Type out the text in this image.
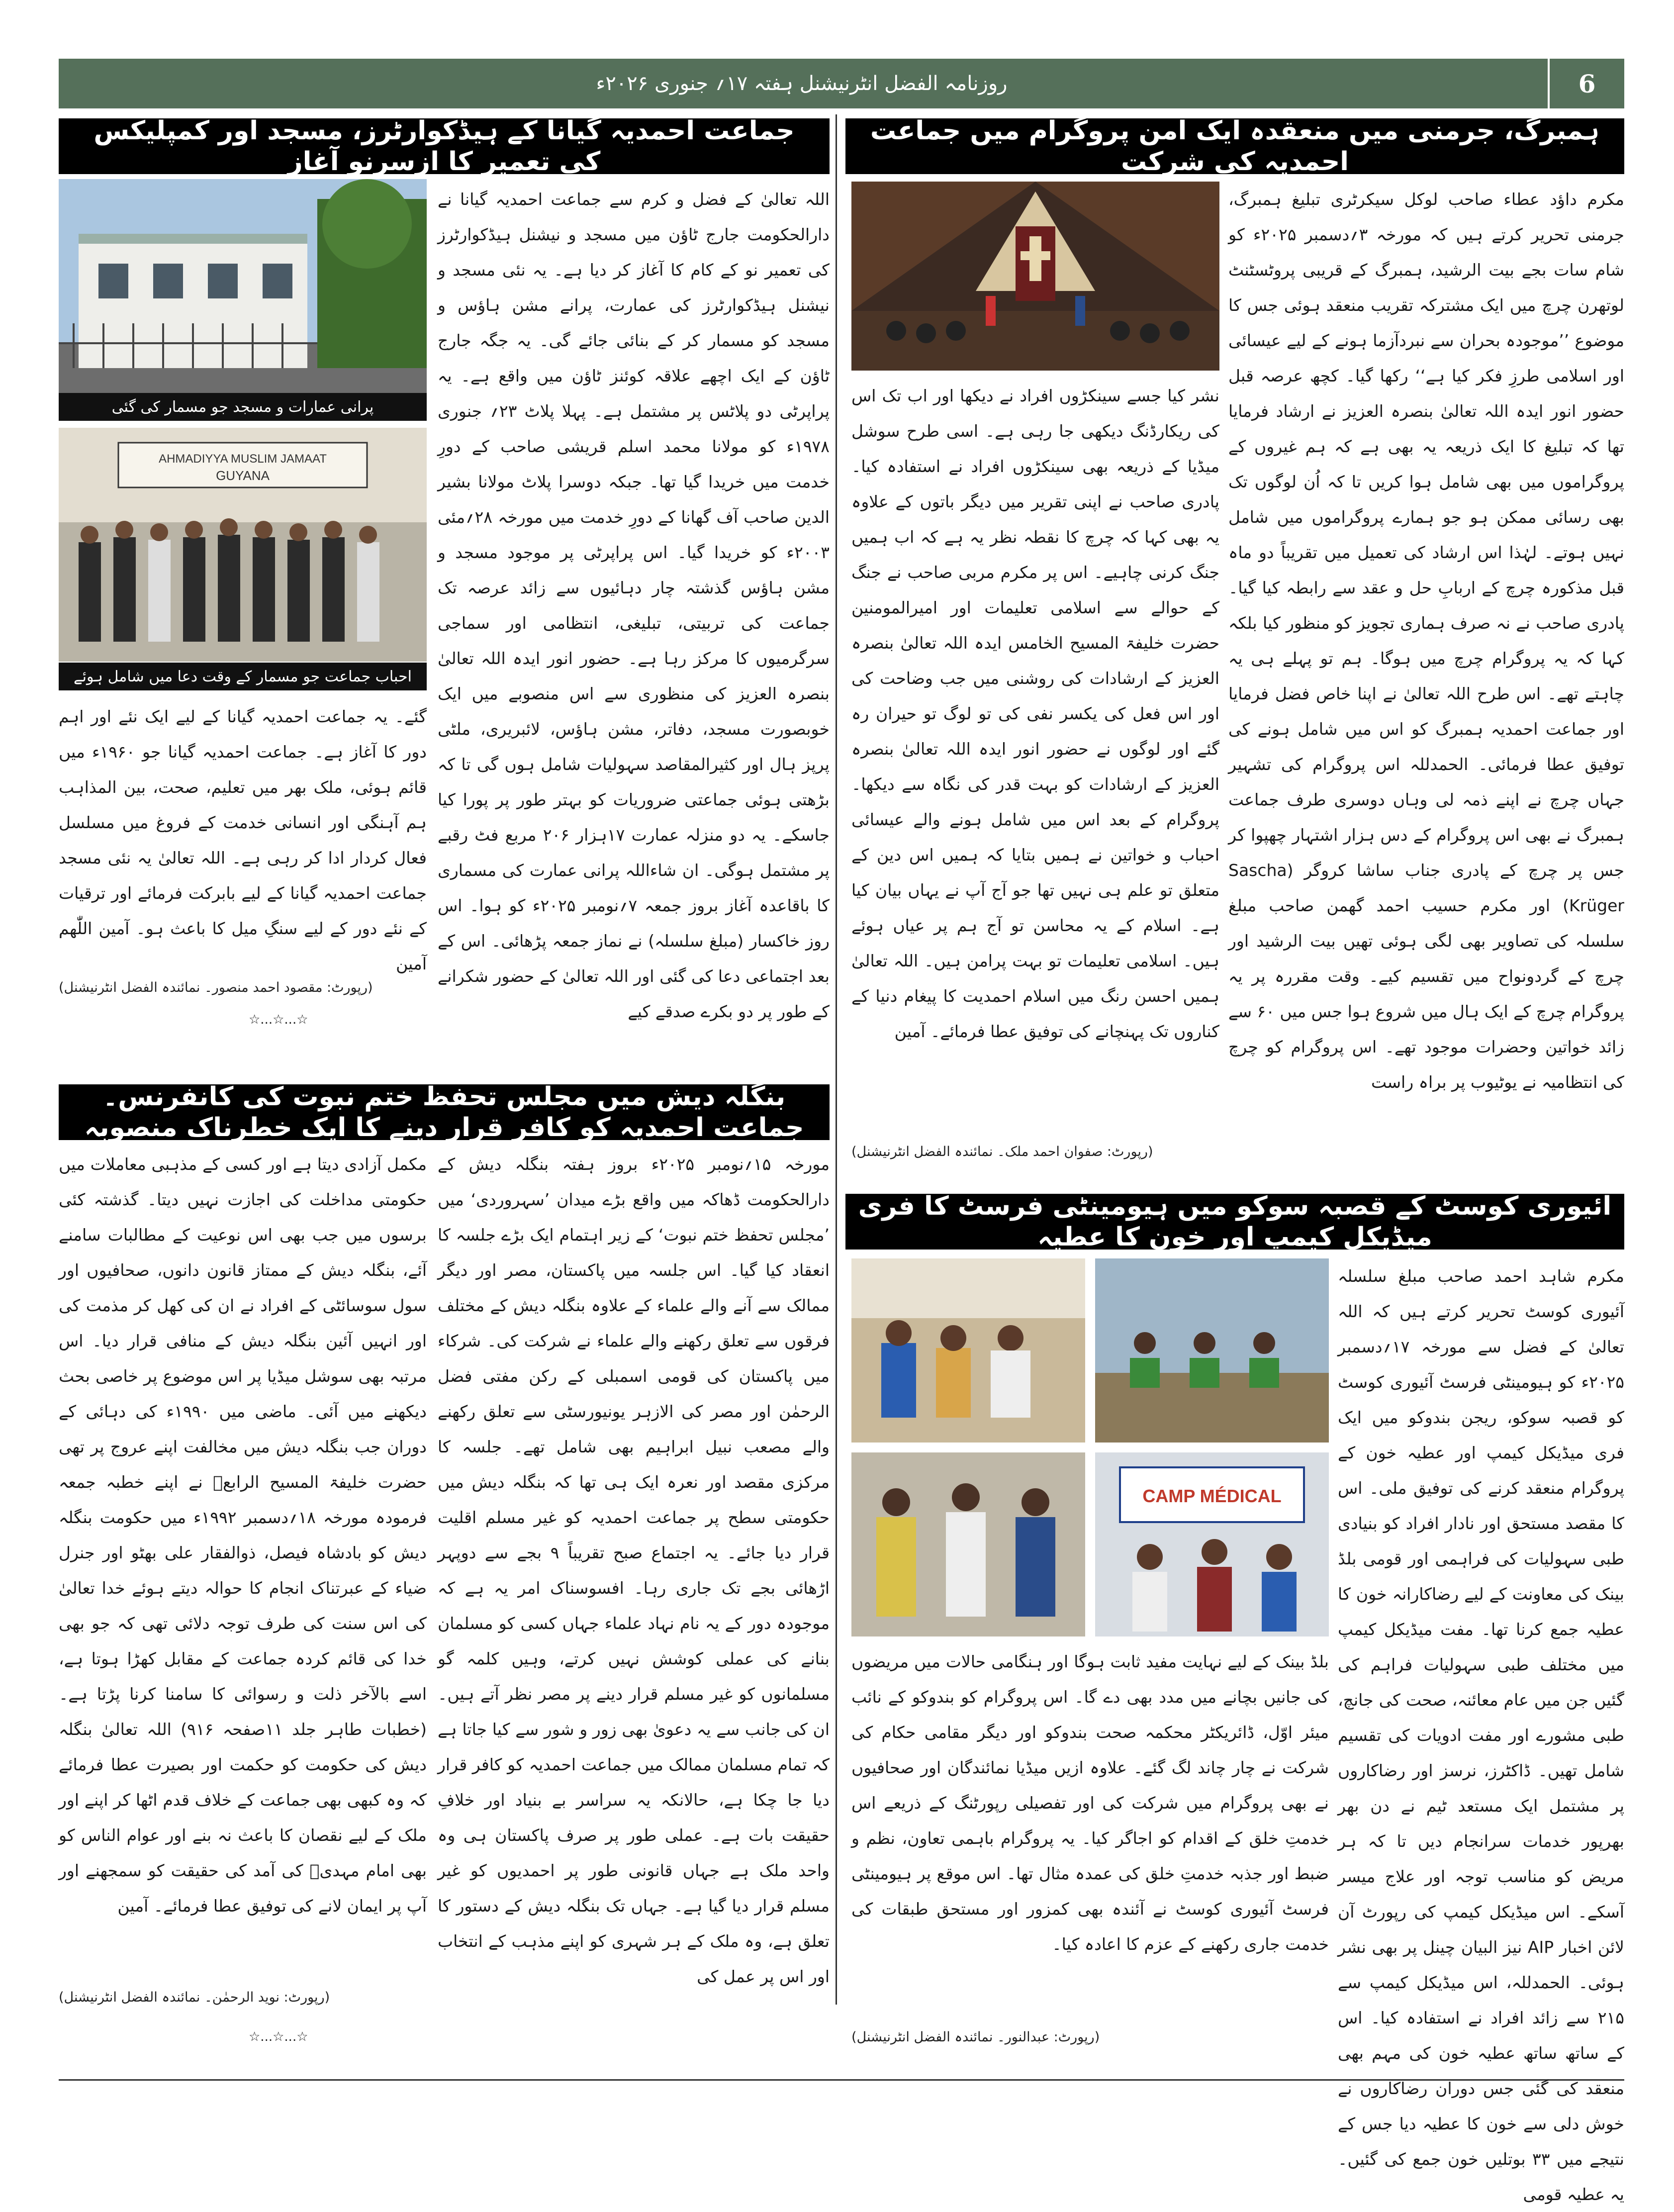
روزنامہ الفضل انٹرنیشنل ہفتہ ۱۷؍ جنوری ۲۰۲۶ء	6
ہمبرگ، جرمنی میں منعقدہ ایک امن پروگرام میں جماعت احمدیہ کی شرکت

مکرم داؤد عطاء صاحب لوکل سیکرٹری تبلیغ ہمبرگ، جرمنی تحریر کرتے ہیں کہ مورخہ ۳؍دسمبر ۲۰۲۵ء کو شام سات بجے بیت الرشید، ہمبرگ کے قریبی پروٹسٹنٹ لوتھرن چرچ میں ایک مشترکہ تقریب منعقد ہوئی جس کا موضوع ’’موجودہ بحران سے نبردآزما ہونے کے لیے عیسائی اور اسلامی طرزِ فکر کیا ہے‘‘ رکھا گیا۔ کچھ عرصہ قبل حضور انور ایدہ اللہ تعالیٰ بنصرہ العزیز نے ارشاد فرمایا تھا کہ تبلیغ کا ایک ذریعہ یہ بھی ہے کہ ہم غیروں کے پروگراموں میں بھی شامل ہوا کریں تا کہ اُن لوگوں تک بھی رسائی ممکن ہو جو ہمارے پروگراموں میں شامل نہیں ہوتے۔ لہٰذا اس ارشاد کی تعمیل میں تقریباً دو ماہ قبل مذکورہ چرچ کے اربابِ حل و عقد سے رابطہ کیا گیا۔ پادری صاحب نے نہ صرف ہماری تجویز کو منظور کیا بلکہ کہا کہ یہ پروگرام چرچ میں ہوگا۔ ہم تو پہلے ہی یہ چاہتے تھے۔ اس طرح اللہ تعالیٰ نے اپنا خاص فضل فرمایا اور جماعت احمدیہ ہمبرگ کو اس میں شامل ہونے کی توفیق عطا فرمائی۔ الحمدللہ اس پروگرام کی تشہیر جہاں چرچ نے اپنے ذمہ لی وہاں دوسری طرف جماعت ہمبرگ نے بھی اس پروگرام کے دس ہزار اشتہار چھپوا کر جس پر چرچ کے پادری جناب ساشا کروگر (Sascha Krüger) اور مکرم حسیب احمد گھمن صاحب مبلغ سلسلہ کی تصاویر بھی لگی ہوئی تھیں بیت الرشید اور چرچ کے گردونواح میں تقسیم کیے۔ وقت مقررہ پر یہ پروگرام چرچ کے ایک ہال میں شروع ہوا جس میں ۶۰ سے زائد خواتین وحضرات موجود تھے۔ اس پروگرام کو چرچ کی انتظامیہ نے یوٹیوب پر براہ راست

نشر کیا جسے سینکڑوں افراد نے دیکھا اور اب تک اس کی ریکارڈنگ دیکھی جا رہی ہے۔ اسی طرح سوشل میڈیا کے ذریعہ بھی سینکڑوں افراد نے استفادہ کیا۔ پادری صاحب نے اپنی تقریر میں دیگر باتوں کے علاوہ یہ بھی کہا کہ چرچ کا نقطہ نظر یہ ہے کہ اب ہمیں جنگ کرنی چاہیے۔ اس پر مکرم مربی صاحب نے جنگ کے حوالے سے اسلامی تعلیمات اور امیرالمومنین حضرت خلیفۃ المسیح الخامس ایدہ اللہ تعالیٰ بنصرہ العزیز کے ارشادات کی روشنی میں جب وضاحت کی اور اس فعل کی یکسر نفی کی تو لوگ تو حیران رہ گئے اور لوگوں نے حضور انور ایدہ اللہ تعالیٰ بنصرہ العزیز کے ارشادات کو بہت قدر کی نگاہ سے دیکھا۔ پروگرام کے بعد اس میں شامل ہونے والے عیسائی احباب و خواتین نے ہمیں بتایا کہ ہمیں اس دین کے متعلق تو علم ہی نہیں تھا جو آج آپ نے یہاں بیان کیا ہے۔ اسلام کے یہ محاسن تو آج ہم پر عیاں ہوئے ہیں۔ اسلامی تعلیمات تو بہت پرامن ہیں۔ اللہ تعالیٰ ہمیں احسن رنگ میں اسلام احمدیت کا پیغام دنیا کے کناروں تک پہنچانے کی توفیق عطا فرمائے۔ آمین

(رپورٹ: صفوان احمد ملک۔ نمائندہ الفضل انٹرنیشنل)
جماعت احمدیہ گیانا کے ہیڈکوارٹرز، مسجد اور کمپلیکس کی تعمیر کا ازسرِنو آغاز
پرانی عمارات و مسجد جو مسمار کی گئی
AHMADIYYA MUSLIM JAMAAT
GUYANA
احباب جماعت جو مسمار کے وقت دعا میں شامل ہوئے

اللہ تعالیٰ کے فضل و کرم سے جماعت احمدیہ گیانا نے دارالحکومت جارج ٹاؤن میں مسجد و نیشنل ہیڈکوارٹرز کی تعمیر نو کے کام کا آغاز کر دیا ہے۔ یہ نئی مسجد و نیشنل ہیڈکوارٹرز کی عمارت، پرانے مشن ہاؤس و مسجد کو مسمار کر کے بنائی جائے گی۔ یہ جگہ جارج ٹاؤن کے ایک اچھے علاقہ کوئنز ٹاؤن میں واقع ہے۔ یہ پراپرٹی دو پلاٹس پر مشتمل ہے۔ پہلا پلاٹ ۲۳؍ جنوری ۱۹۷۸ء کو مولانا محمد اسلم قریشی صاحب کے دورِ خدمت میں خریدا گیا تھا۔ جبکہ دوسرا پلاٹ مولانا بشیر الدین صاحب آف گھانا کے دورِ خدمت میں مورخہ ۲۸؍مئی ۲۰۰۳ء کو خریدا گیا۔ اس پراپرٹی پر موجود مسجد و مشن ہاؤس گذشتہ چار دہائیوں سے زائد عرصہ تک جماعت کی تربیتی، تبلیغی، انتظامی اور سماجی سرگرمیوں کا مرکز رہا ہے۔ حضور انور ایدہ اللہ تعالیٰ بنصرہ العزیز کی منظوری سے اس منصوبے میں ایک خوبصورت مسجد، دفاتر، مشن ہاؤس، لائبریری، ملٹی پرپز ہال اور کثیرالمقاصد سہولیات شامل ہوں گی تا کہ بڑھتی ہوئی جماعتی ضروریات کو بہتر طور پر پورا کیا جاسکے۔ یہ دو منزلہ عمارت ۱۷ہزار ۲۰۶ مربع فٹ رقبے پر مشتمل ہوگی۔ ان شاءاللہ پرانی عمارت کی مسماری کا باقاعدہ آغاز بروز جمعہ ۷؍نومبر ۲۰۲۵ء کو ہوا۔ اس روز خاکسار (مبلغ سلسلہ) نے نماز جمعہ پڑھائی۔ اس کے بعد اجتماعی دعا کی گئی اور اللہ تعالیٰ کے حضور شکرانے کے طور پر دو بکرے صدقے کیے

گئے۔ یہ جماعت احمدیہ گیانا کے لیے ایک نئے اور اہم دور کا آغاز ہے۔ جماعت احمدیہ گیانا جو ۱۹۶۰ء میں قائم ہوئی، ملک بھر میں تعلیم، صحت، بین المذاہب ہم آہنگی اور انسانی خدمت کے فروغ میں مسلسل فعال کردار ادا کر رہی ہے۔ اللہ تعالیٰ یہ نئی مسجد جماعت احمدیہ گیانا کے لیے بابرکت فرمائے اور ترقیات کے نئے دور کے لیے سنگِ میل کا باعث ہو۔ آمین اللّٰھم آمین

(رپورٹ: مقصود احمد منصور۔ نمائندہ الفضل انٹرنیشنل)
☆...☆...☆
بنگلہ دیش میں مجلس تحفظ ختم نبوت کی کانفرنس۔ جماعت احمدیہ کو کافر قرار دینے کا ایک خطرناک منصوبہ

مورخہ ۱۵؍نومبر ۲۰۲۵ء بروز ہفتہ بنگلہ دیش کے دارالحکومت ڈھاکہ میں واقع بڑے میدان ’سہروردی‘ میں ’مجلس تحفظ ختم نبوت‘ کے زیر اہتمام ایک بڑے جلسہ کا انعقاد کیا گیا۔ اس جلسہ میں پاکستان، مصر اور دیگر ممالک سے آنے والے علماء کے علاوہ بنگلہ دیش کے مختلف فرقوں سے تعلق رکھنے والے علماء نے شرکت کی۔ شرکاء میں پاکستان کی قومی اسمبلی کے رکن مفتی فضل الرحمٰن اور مصر کی الازہر یونیورسٹی سے تعلق رکھنے والے مصعب نبیل ابراہیم بھی شامل تھے۔ جلسہ کا مرکزی مقصد اور نعرہ ایک ہی تھا کہ بنگلہ دیش میں حکومتی سطح پر جماعت احمدیہ کو غیر مسلم اقلیت قرار دیا جائے۔ یہ اجتماع صبح تقریباً ۹ بجے سے دوپہر اڑھائی بجے تک جاری رہا۔ افسوسناک امر یہ ہے کہ موجودہ دور کے یہ نام نہاد علماء جہاں کسی کو مسلمان بنانے کی عملی کوشش نہیں کرتے، وہیں کلمہ گو مسلمانوں کو غیر مسلم قرار دینے پر مصر نظر آتے ہیں۔ ان کی جانب سے یہ دعویٰ بھی زور و شور سے کیا جاتا ہے کہ تمام مسلمان ممالک میں جماعت احمدیہ کو کافر قرار دیا جا چکا ہے، حالانکہ یہ سراسر بے بنیاد اور خلافِ حقیقت بات ہے۔ عملی طور پر صرف پاکستان ہی وہ واحد ملک ہے جہاں قانونی طور پر احمدیوں کو غیر مسلم قرار دیا گیا ہے۔ جہاں تک بنگلہ دیش کے دستور کا تعلق ہے، وہ ملک کے ہر شہری کو اپنے مذہب کے انتخاب اور اس پر عمل کی

مکمل آزادی دیتا ہے اور کسی کے مذہبی معاملات میں حکومتی مداخلت کی اجازت نہیں دیتا۔ گذشتہ کئی برسوں میں جب بھی اس نوعیت کے مطالبات سامنے آئے، بنگلہ دیش کے ممتاز قانون دانوں، صحافیوں اور سول سوسائٹی کے افراد نے ان کی کھل کر مذمت کی اور انہیں آئین بنگلہ دیش کے منافی قرار دیا۔ اس مرتبہ بھی سوشل میڈیا پر اس موضوع پر خاصی بحث دیکھنے میں آئی۔ ماضی میں ۱۹۹۰ء کی دہائی کے دوران جب بنگلہ دیش میں مخالفت اپنے عروج پر تھی حضرت خلیفۃ المسیح الرابعؒ نے اپنے خطبہ جمعہ فرمودہ مورخہ ۱۸؍دسمبر ۱۹۹۲ء میں حکومت بنگلہ دیش کو بادشاہ فیصل، ذوالفقار علی بھٹو اور جنرل ضیاء کے عبرتناک انجام کا حوالہ دیتے ہوئے خدا تعالیٰ کی اس سنت کی طرف توجہ دلائی تھی کہ جو بھی خدا کی قائم کردہ جماعت کے مقابل کھڑا ہوتا ہے، اسے بالآخر ذلت و رسوائی کا سامنا کرنا پڑتا ہے۔ (خطبات طاہر جلد ۱۱صفحہ ۹۱۶) اللہ تعالیٰ بنگلہ دیش کی حکومت کو حکمت اور بصیرت عطا فرمائے کہ وہ کبھی بھی جماعت کے خلاف قدم اٹھا کر اپنے اور ملک کے لیے نقصان کا باعث نہ بنے اور عوام الناس کو بھی امام مہدیؑ کی آمد کی حقیقت کو سمجھنے اور آپ پر ایمان لانے کی توفیق عطا فرمائے۔ آمین

(رپورٹ: نوید الرحمٰن۔ نمائندہ الفضل انٹرنیشنل)
☆...☆...☆
آئیوری کوسٹ کے قصبہ سوکو میں ہیومینٹی فرسٹ کا فری میڈیکل کیمپ اور خون کا عطیہ
CAMP MÉDICAL

مکرم شاہد احمد صاحب مبلغ سلسلہ آئیوری کوسٹ تحریر کرتے ہیں کہ اللہ تعالیٰ کے فضل سے مورخہ ۱۷؍دسمبر ۲۰۲۵ء کو ہیومینٹی فرسٹ آئیوری کوسٹ کو قصبہ سوکو، ریجن بندوکو میں ایک فری میڈیکل کیمپ اور عطیہ خون کے پروگرام منعقد کرنے کی توفیق ملی۔ اس کا مقصد مستحق اور نادار افراد کو بنیادی طبی سہولیات کی فراہمی اور قومی بلڈ بینک کی معاونت کے لیے رضاکارانہ خون کا عطیہ جمع کرنا تھا۔ مفت میڈیکل کیمپ میں مختلف طبی سہولیات فراہم کی گئیں جن میں عام معائنہ، صحت کی جانچ، طبی مشورے اور مفت ادویات کی تقسیم شامل تھیں۔ ڈاکٹرز، نرسز اور رضاکاروں پر مشتمل ایک مستعد ٹیم نے دن بھر بھرپور خدمات سرانجام دیں تا کہ ہر مریض کو مناسب توجہ اور علاج میسر آسکے۔ اس میڈیکل کیمپ کی رپورٹ آن لائن اخبار AIP نیز البیان چینل پر بھی نشر ہوئی۔ الحمدللہ، اس میڈیکل کیمپ سے ۲۱۵ سے زائد افراد نے استفادہ کیا۔ اس کے ساتھ ساتھ عطیہ خون کی مہم بھی منعقد کی گئی جس دوران رضاکاروں نے خوش دلی سے خون کا عطیہ دیا جس کے نتیجے میں ۳۳ بوتلیں خون جمع کی گئیں۔ یہ عطیہ قومی

بلڈ بینک کے لیے نہایت مفید ثابت ہوگا اور ہنگامی حالات میں مریضوں کی جانیں بچانے میں مدد بھی دے گا۔ اس پروگرام کو بندوکو کے نائب میئر اوّل، ڈائریکٹر محکمہ صحت بندوکو اور دیگر مقامی حکام کی شرکت نے چار چاند لگ گئے۔ علاوہ ازیں میڈیا نمائندگان اور صحافیوں نے بھی پروگرام میں شرکت کی اور تفصیلی رپورٹنگ کے ذریعے اس خدمتِ خلق کے اقدام کو اجاگر کیا۔ یہ پروگرام باہمی تعاون، نظم و ضبط اور جذبہ خدمتِ خلق کی عمدہ مثال تھا۔ اس موقع پر ہیومینٹی فرسٹ آئیوری کوسٹ نے آئندہ بھی کمزور اور مستحق طبقات کی خدمت جاری رکھنے کے عزم کا اعادہ کیا۔

(رپورٹ: عبدالنور۔ نمائندہ الفضل انٹرنیشنل)
